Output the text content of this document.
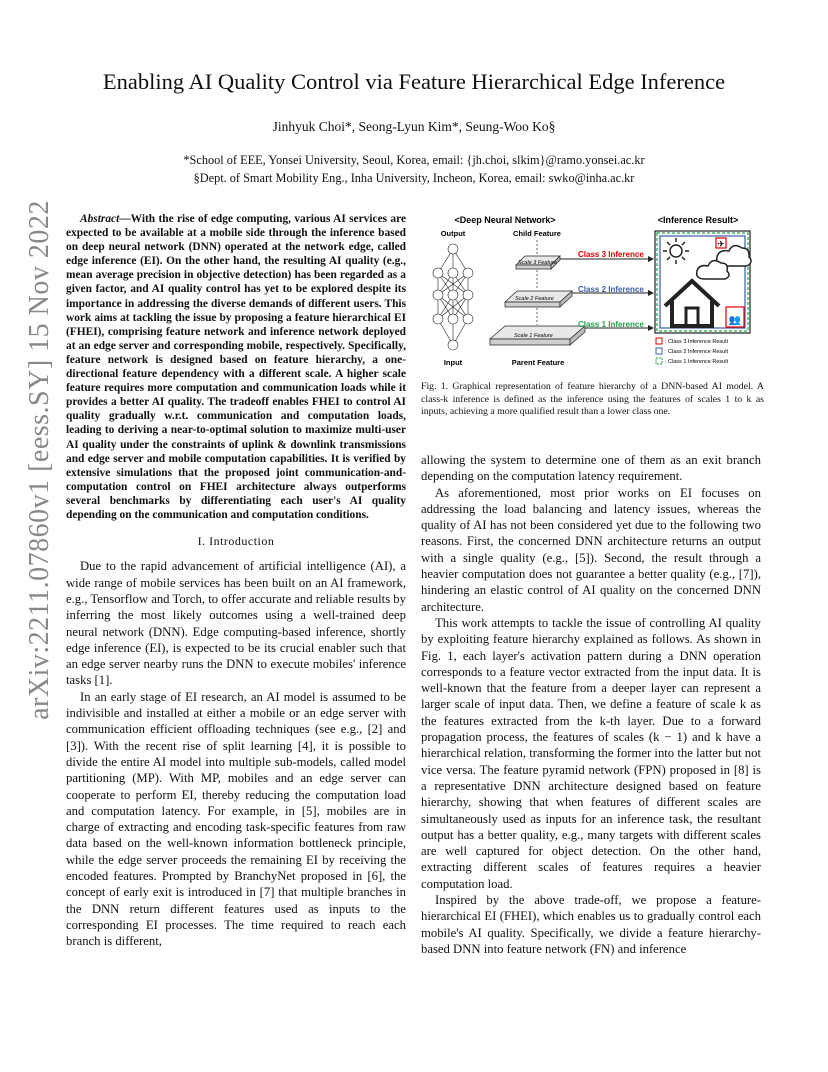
arXiv:2211.07860v1 [eess.SY] 15 Nov 2022
Enabling AI Quality Control via Feature Hierarchical Edge Inference
Jinhyuk Choi*, Seong-Lyun Kim*, Seung-Woo Ko§
*School of EEE, Yonsei University, Seoul, Korea, email: {jh.choi, slkim}@ramo.yonsei.ac.kr
§Dept. of Smart Mobility Eng., Inha University, Incheon, Korea, email: swko@inha.ac.kr

Abstract—With the rise of edge computing, various AI services are expected to be available at a mobile side through the inference based on deep neural network (DNN) operated at the network edge, called edge inference (EI). On the other hand, the resulting AI quality (e.g., mean average precision in objective detection) has been regarded as a given factor, and AI quality control has yet to be explored despite its importance in addressing the diverse demands of different users. This work aims at tackling the issue by proposing a feature hierarchical EI (FHEI), comprising feature network and inference network deployed at an edge server and corresponding mobile, respectively. Specifically, feature network is designed based on feature hierarchy, a one-directional feature dependency with a different scale. A higher scale feature requires more computation and communication loads while it provides a better AI quality. The tradeoff enables FHEI to control AI quality gradually w.r.t. communication and computation loads, leading to deriving a near-to-optimal solution to maximize multi-user AI quality under the constraints of uplink & downlink transmissions and edge server and mobile computation capabilities. It is verified by extensive simulations that the proposed joint communication-and-computation control on FHEI architecture always outperforms several benchmarks by differentiating each user's AI quality depending on the communication and computation conditions.

I. Introduction

Due to the rapid advancement of artificial intelligence (AI), a wide range of mobile services has been built on an AI framework, e.g., Tensorflow and Torch, to offer accurate and reliable results by inferring the most likely outcomes using a well-trained deep neural network (DNN). Edge computing-based inference, shortly edge inference (EI), is expected to be its crucial enabler such that an edge server nearby runs the DNN to execute mobiles' inference tasks [1].

In an early stage of EI research, an AI model is assumed to be indivisible and installed at either a mobile or an edge server with communication efficient offloading techniques (see e.g., [2] and [3]). With the recent rise of split learning [4], it is possible to divide the entire AI model into multiple sub-models, called model partitioning (MP). With MP, mobiles and an edge server can cooperate to perform EI, thereby reducing the computation load and computation latency. For example, in [5], mobiles are in charge of extracting and encoding task-specific features from raw data based on the well-known information bottleneck principle, while the edge server proceeds the remaining EI by receiving the encoded features. Prompted by BranchyNet proposed in [6], the concept of early exit is introduced in [7] that multiple branches in the DNN return different features used as inputs to the corresponding EI processes. The time required to reach each branch is different,

<Deep Neural Network>	<Inference Result>
Output	Child Feature
Input	Parent Feature
Scale 3 Feature
Scale 2 Feature
Scale 1 Feature
Class 3 Inference
Class 2 Inference
Class 1 Inference
✈
👥
: Class 3 Inference Result
: Class 2 Inference Result
: Class 1 Inference Result
Fig. 1. Graphical representation of feature hierarchy of a DNN-based AI model. A class-k inference is defined as the inference using the features of scales 1 to k as inputs, achieving a more qualified result than a lower class one.

allowing the system to determine one of them as an exit branch depending on the computation latency requirement.

As aforementioned, most prior works on EI focuses on addressing the load balancing and latency issues, whereas the quality of AI has not been considered yet due to the following two reasons. First, the concerned DNN architecture returns an output with a single quality (e.g., [5]). Second, the result through a heavier computation does not guarantee a better quality (e.g., [7]), hindering an elastic control of AI quality on the concerned DNN architecture.

This work attempts to tackle the issue of controlling AI quality by exploiting feature hierarchy explained as follows. As shown in Fig. 1, each layer's activation pattern during a DNN operation corresponds to a feature vector extracted from the input data. It is well-known that the feature from a deeper layer can represent a larger scale of input data. Then, we define a feature of scale k as the features extracted from the k-th layer. Due to a forward propagation process, the features of scales (k − 1) and k have a hierarchical relation, transforming the former into the latter but not vice versa. The feature pyramid network (FPN) proposed in [8] is a representative DNN architecture designed based on feature hierarchy, showing that when features of different scales are simultaneously used as inputs for an inference task, the resultant output has a better quality, e.g., many targets with different scales are well captured for object detection. On the other hand, extracting different scales of features requires a heavier computation load.

Inspired by the above trade-off, we propose a feature-hierarchical EI (FHEI), which enables us to gradually control each mobile's AI quality. Specifically, we divide a feature hierarchy-based DNN into feature network (FN) and inference
